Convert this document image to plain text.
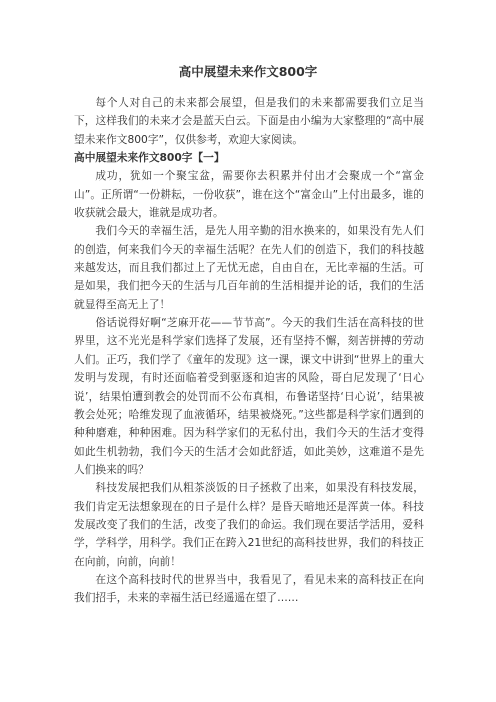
高中展望未来作文800字

每个人对自己的未来都会展望，但是我们的未来都需要我们立足当下，这样我们的未来才会是蓝天白云。下面是由小编为大家整理的“高中展望未来作文800字”，仅供参考，欢迎大家阅读。

高中展望未来作文800字【一】

成功，犹如一个聚宝盆，需要你去积累并付出才会聚成一个“富金山”。正所谓“一份耕耘，一份收获”，谁在这个“富金山”上付出最多，谁的收获就会最大，谁就是成功者。

我们今天的幸福生活，是先人用辛勤的泪水换来的，如果没有先人们的创造，何来我们今天的幸福生活呢？在先人们的创造下，我们的科技越来越发达，而且我们都过上了无忧无虑，自由自在，无比幸福的生活。可是如果，我们把今天的生活与几百年前的生活相提并论的话，我们的生活就显得至高无上了！

俗话说得好啊“芝麻开花——节节高”。今天的我们生活在高科技的世界里，这不光光是科学家们选择了发展，还有坚持不懈，刻苦拼搏的劳动人们。正巧，我们学了《童年的发现》这一课，课文中讲到“世界上的重大发明与发现，有时还面临着受到驱逐和迫害的风险，哥白尼发现了‘日心说’，结果怕遭到教会的处罚而不公布真相，布鲁诺坚持‘日心说’，结果被教会处死；哈维发现了血液循环，结果被烧死。”这些都是科学家们遇到的种种磨难，种种困难。因为科学家们的无私付出，我们今天的生活才变得如此生机勃勃，我们今天的生活才会如此舒适，如此美妙，这难道不是先人们换来的吗？

科技发展把我们从粗茶淡饭的日子拯救了出来，如果没有科技发展，我们肯定无法想象现在的日子是什么样？是昏天暗地还是浑黄一体。科技发展改变了我们的生活，改变了我们的命运。我们现在要活学活用，爱科学，学科学，用科学。我们正在跨入21世纪的高科技世界，我们的科技正在向前，向前，向前！

在这个高科技时代的世界当中，我看见了，看见未来的高科技正在向我们招手，未来的幸福生活已经遥遥在望了……
